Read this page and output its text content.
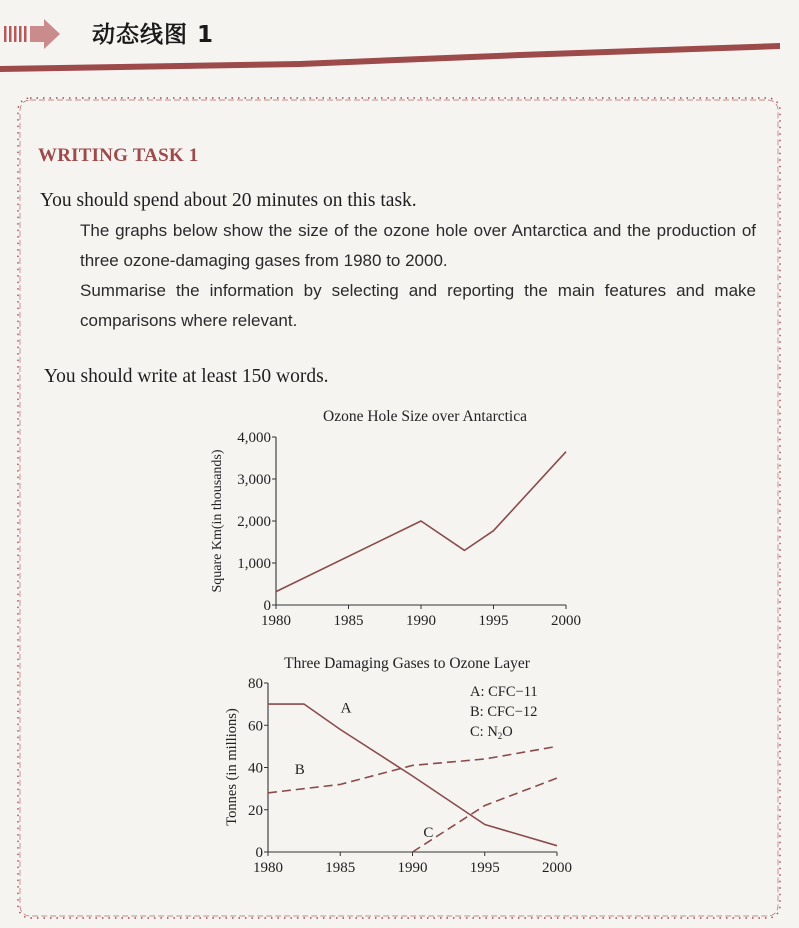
动态线图 1
WRITING TASK 1
You should spend about 20 minutes on this task.

The graphs below show the size of the ozone hole over Antarctica and the production of three ozone-damaging gases from 1980 to 2000.

Summarise the information by selecting and reporting the main features and make comparisons where relevant.

You should write at least 150 words.
Ozone Hole Size over Antarctica
Square Km(in thousands)
1980	1985	1990	1995	2000
0
1,000
2,000
3,000
4,000
Three Damaging Gases to Ozone Layer
Tonnes (in millions)
1980	1985	1990	1995	2000
0
20
40
60
80
A
B
C
A: CFC−11
B: CFC−12
C: $N_2O$
